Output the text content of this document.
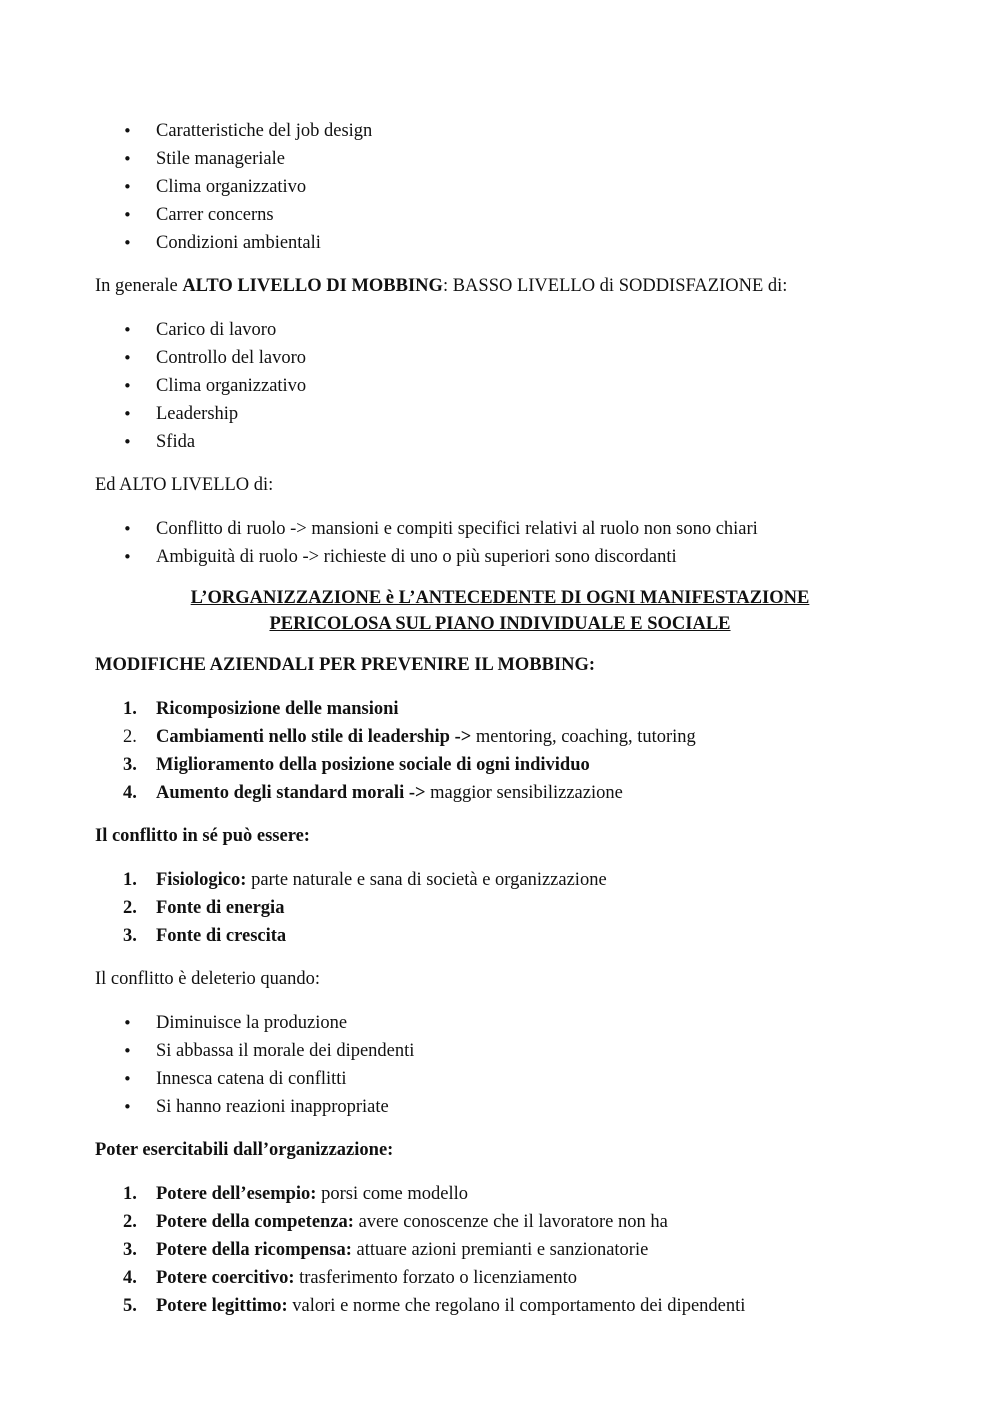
• Caratteristiche del job design
• Stile manageriale
• Clima organizzativo
• Carrer concerns
• Condizioni ambientali

In generale ALTO LIVELLO DI MOBBING: BASSO LIVELLO di SODDISFAZIONE di:

• Carico di lavoro
• Controllo del lavoro
• Clima organizzativo
• Leadership
• Sfida

Ed ALTO LIVELLO di:

• Conflitto di ruolo -> mansioni e compiti specifici relativi al ruolo non sono chiari
• Ambiguità di ruolo -> richieste di uno o più superiori sono discordanti
L’ORGANIZZAZIONE è L’ANTECEDENTE DI OGNI MANIFESTAZIONE
PERICOLOSA SUL PIANO INDIVIDUALE E SOCIALE

MODIFICHE AZIENDALI PER PREVENIRE IL MOBBING:

1.	Ricomposizione delle mansioni
2.	Cambiamenti nello stile di leadership -> mentoring, coaching, tutoring
3.	Miglioramento della posizione sociale di ogni individuo
4.	Aumento degli standard morali -> maggior sensibilizzazione

Il conflitto in sé può essere:

1.	Fisiologico: parte naturale e sana di società e organizzazione
2.	Fonte di energia
3.	Fonte di crescita

Il conflitto è deleterio quando:

• Diminuisce la produzione
• Si abbassa il morale dei dipendenti
• Innesca catena di conflitti
• Si hanno reazioni inappropriate

Poter esercitabili dall’organizzazione:

1.	Potere dell’esempio: porsi come modello
2.	Potere della competenza: avere conoscenze che il lavoratore non ha
3.	Potere della ricompensa: attuare azioni premianti e sanzionatorie
4.	Potere coercitivo: trasferimento forzato o licenziamento
5.	Potere legittimo: valori e norme che regolano il comportamento dei dipendenti
